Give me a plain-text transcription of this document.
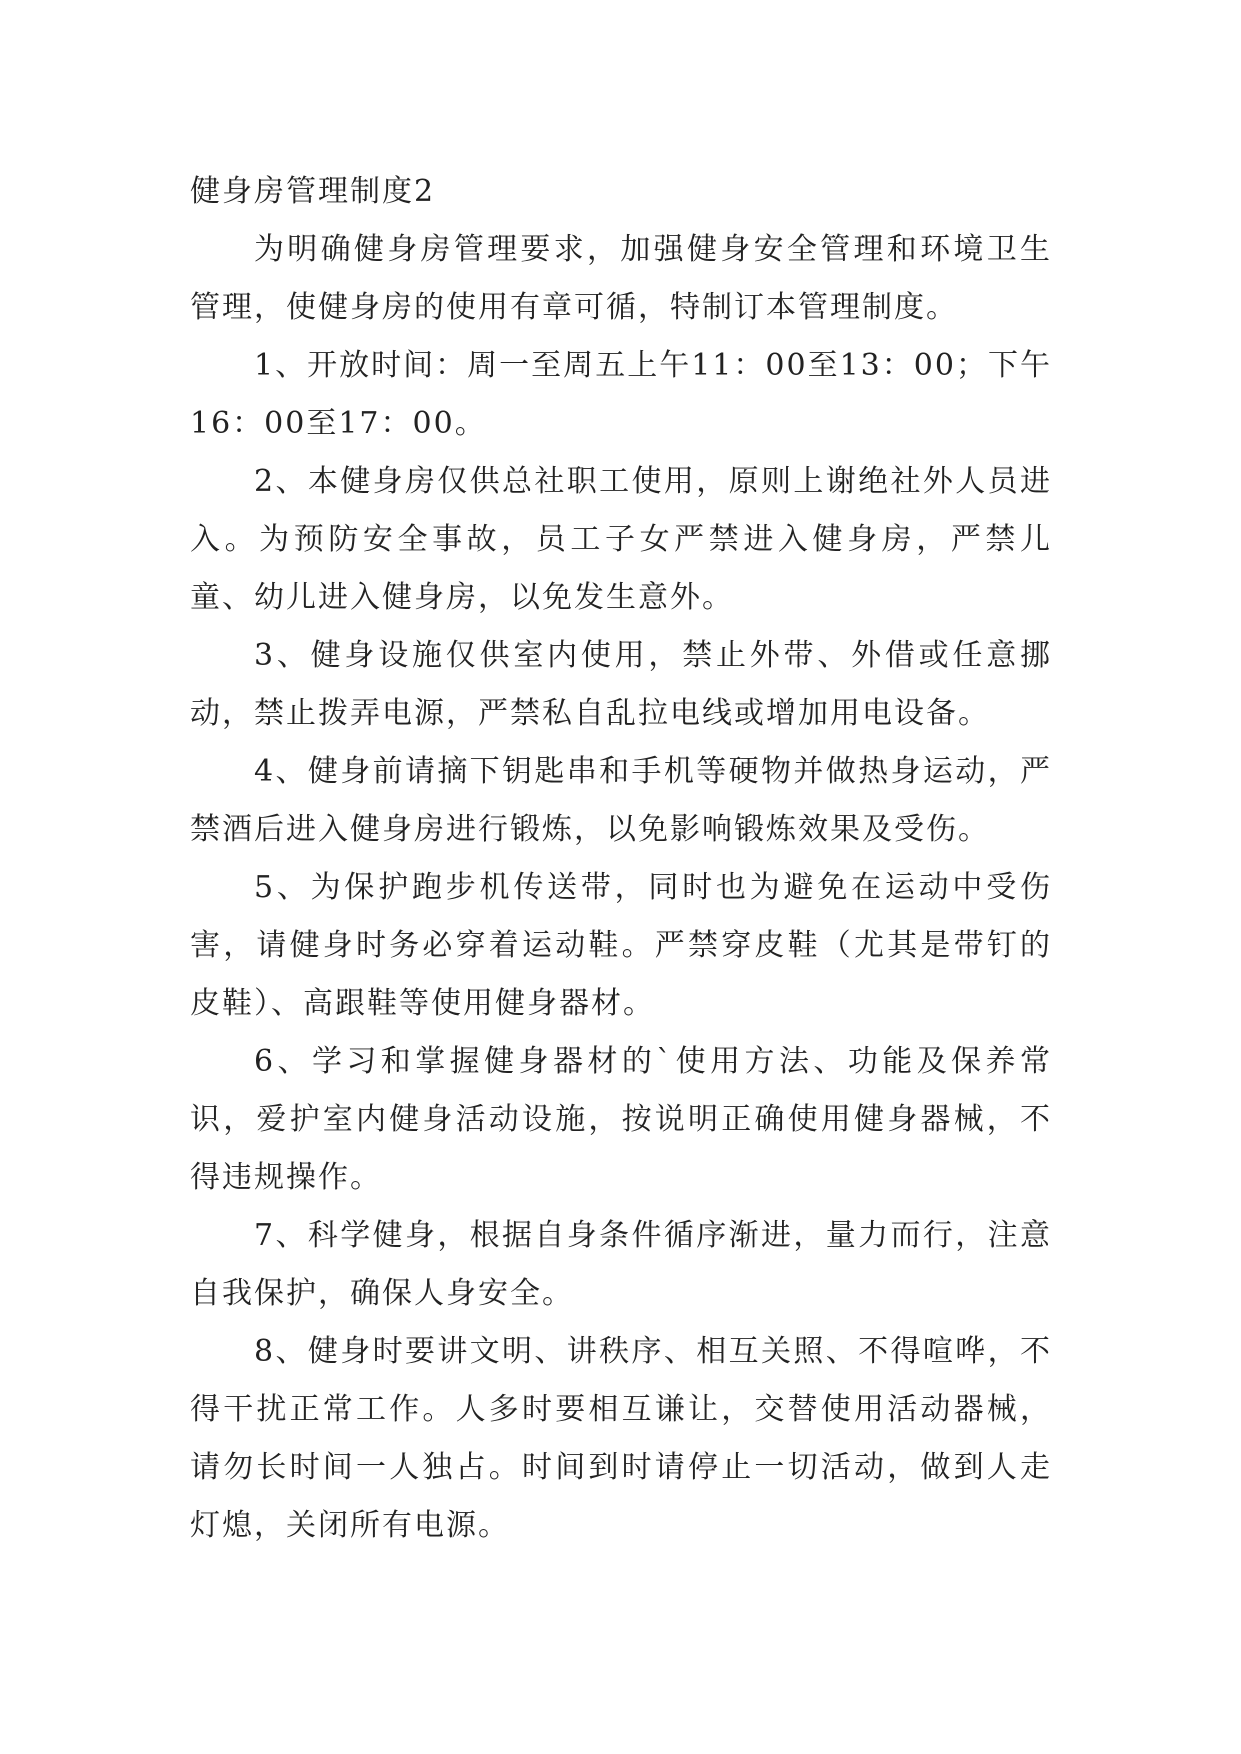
健身房管理制度2

为明确健身房管理要求，加强健身安全管理和环境卫生管理，使健身房的使用有章可循，特制订本管理制度。

1、开放时间：周一至周五上午11：00至13：00；下午16：00至17：00。

2、本健身房仅供总社职工使用，原则上谢绝社外人员进入。为预防安全事故，员工子女严禁进入健身房，严禁儿童、幼儿进入健身房，以免发生意外。

3、健身设施仅供室内使用，禁止外带、外借或任意挪动，禁止拨弄电源，严禁私自乱拉电线或增加用电设备。

4、健身前请摘下钥匙串和手机等硬物并做热身运动，严禁酒后进入健身房进行锻炼，以免影响锻炼效果及受伤。

5、为保护跑步机传送带，同时也为避免在运动中受伤害，请健身时务必穿着运动鞋。严禁穿皮鞋（尤其是带钉的皮鞋）、高跟鞋等使用健身器材。

6、学习和掌握健身器材的`使用方法、功能及保养常识，爱护室内健身活动设施，按说明正确使用健身器械，不得违规操作。

7、科学健身，根据自身条件循序渐进，量力而行，注意自我保护，确保人身安全。

8、健身时要讲文明、讲秩序、相互关照、不得喧哗，不得干扰正常工作。人多时要相互谦让，交替使用活动器械，请勿长时间一人独占。时间到时请停止一切活动，做到人走灯熄，关闭所有电源。
